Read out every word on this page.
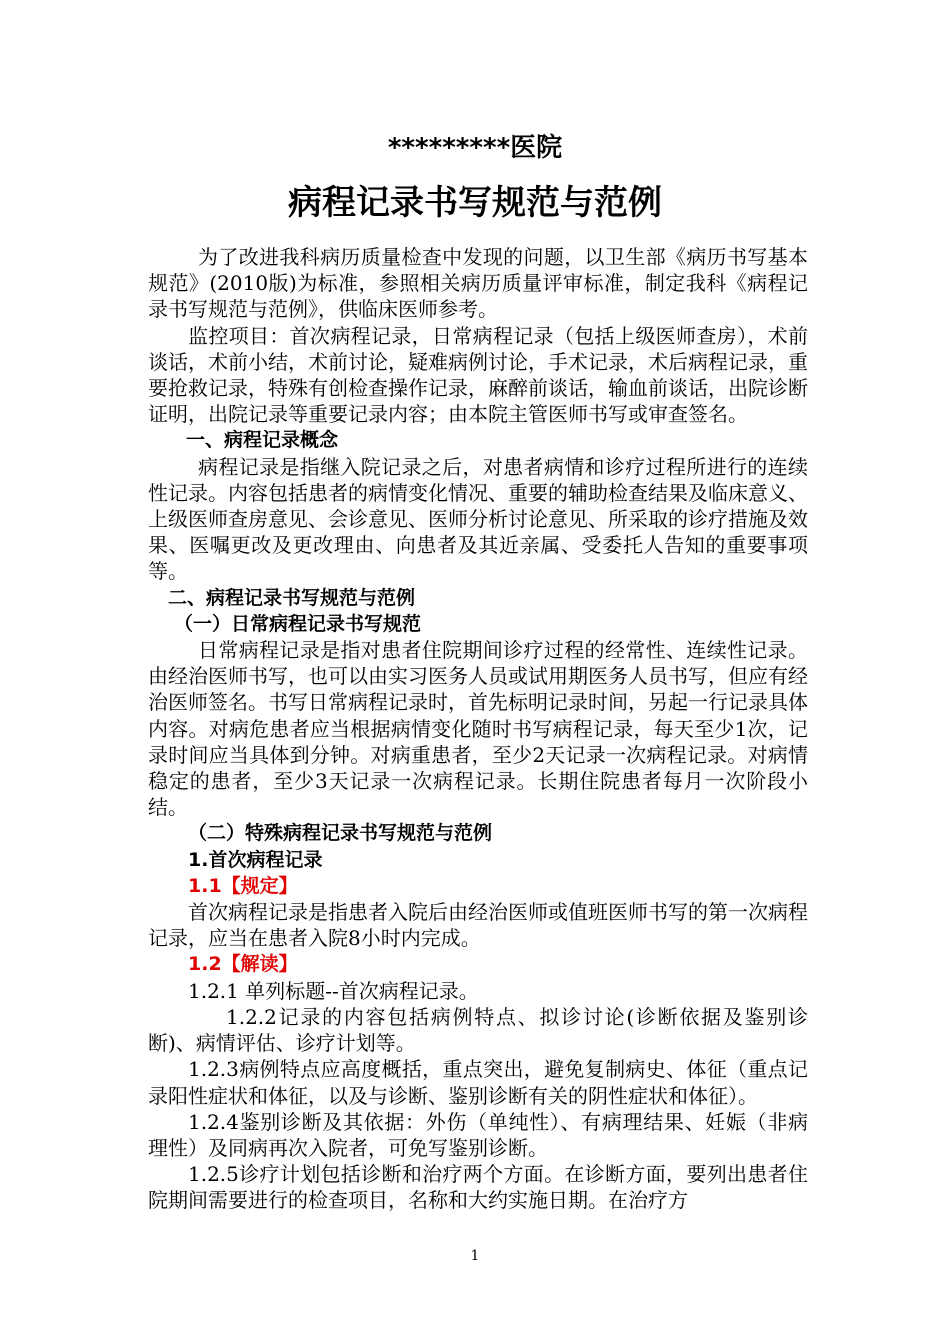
*********医院
病程记录书写规范与范例

为了改进我科病历质量检查中发现的问题，以卫生部《病历书写基本规范》(2010版)为标准，参照相关病历质量评审标准，制定我科《病程记录书写规范与范例》，供临床医师参考。

监控项目：首次病程记录，日常病程记录（包括上级医师查房），术前谈话，术前小结，术前讨论，疑难病例讨论，手术记录，术后病程记录，重要抢救记录，特殊有创检查操作记录，麻醉前谈话，输血前谈话，出院诊断证明，出院记录等重要记录内容；由本院主管医师书写或审查签名。

一、病程记录概念

病程记录是指继入院记录之后，对患者病情和诊疗过程所进行的连续性记录。内容包括患者的病情变化情况、重要的辅助检查结果及临床意义、上级医师查房意见、会诊意见、医师分析讨论意见、所采取的诊疗措施及效果、医嘱更改及更改理由、向患者及其近亲属、受委托人告知的重要事项等。

二、病程记录书写规范与范例

（一）日常病程记录书写规范

日常病程记录是指对患者住院期间诊疗过程的经常性、连续性记录。由经治医师书写，也可以由实习医务人员或试用期医务人员书写，但应有经治医师签名。书写日常病程记录时，首先标明记录时间，另起一行记录具体内容。对病危患者应当根据病情变化随时书写病程记录，每天至少1次，记录时间应当具体到分钟。对病重患者，至少2天记录一次病程记录。对病情稳定的患者，至少3天记录一次病程记录。长期住院患者每月一次阶段小结。

（二）特殊病程记录书写规范与范例

1.首次病程记录

1.1【规定】

首次病程记录是指患者入院后由经治医师或值班医师书写的第一次病程记录，应当在患者入院8小时内完成。

1.2【解读】

1.2.1 单列标题--首次病程记录。

1.2.2记录的内容包括病例特点、拟诊讨论(诊断依据及鉴别诊断)、病情评估、诊疗计划等。

1.2.3病例特点应高度概括，重点突出，避免复制病史、体征（重点记录阳性症状和体征，以及与诊断、鉴别诊断有关的阴性症状和体征）。

1.2.4鉴别诊断及其依据：外伤（单纯性）、有病理结果、妊娠（非病理性）及同病再次入院者，可免写鉴别诊断。

1.2.5诊疗计划包括诊断和治疗两个方面。在诊断方面，要列出患者住院期间需要进行的检查项目，名称和大约实施日期。在治疗方

1
